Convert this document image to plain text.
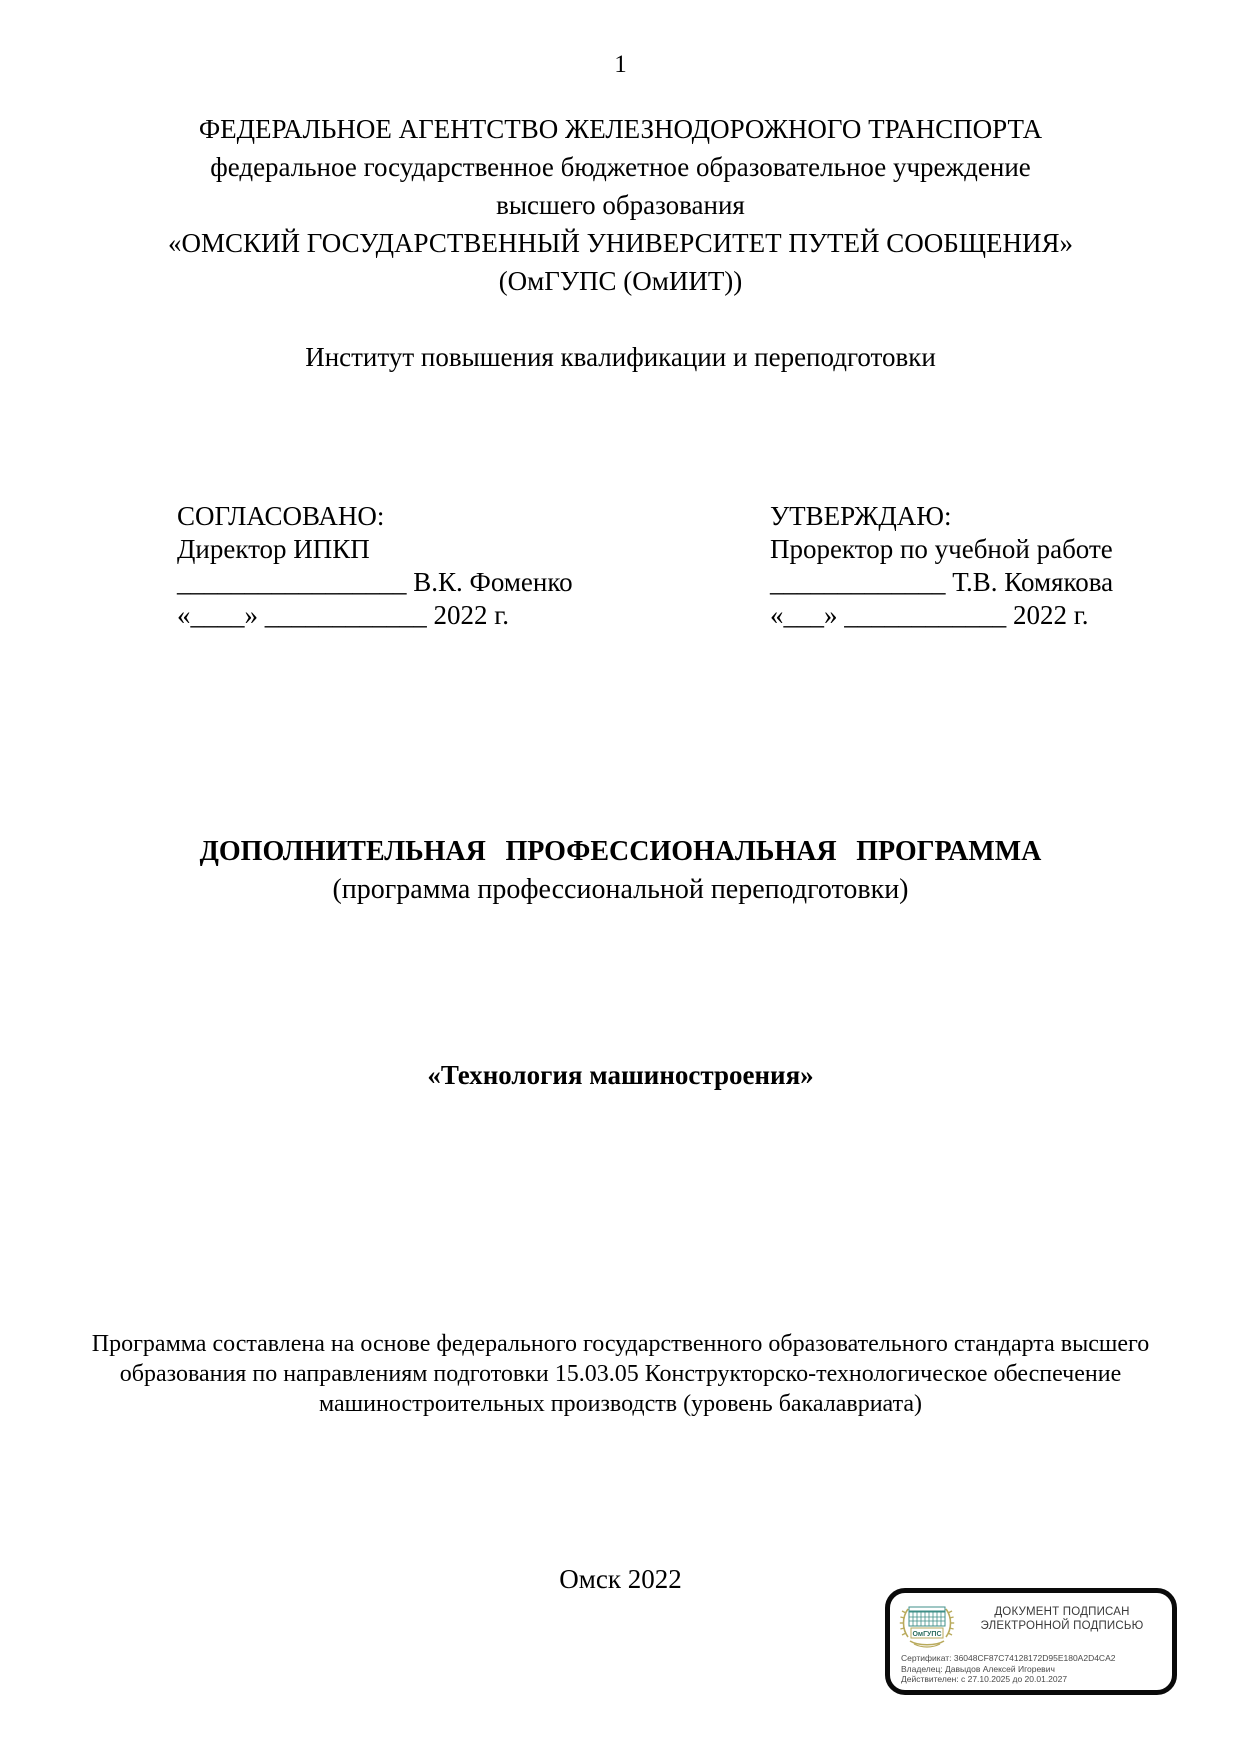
1
ФЕДЕРАЛЬНОЕ АГЕНТСТВО ЖЕЛЕЗНОДОРОЖНОГО ТРАНСПОРТА
федеральное государственное бюджетное образовательное учреждение
высшего образования
«ОМСКИЙ ГОСУДАРСТВЕННЫЙ УНИВЕРСИТЕТ ПУТЕЙ СООБЩЕНИЯ»
(ОмГУПС (ОмИИТ))
Институт повышения квалификации и переподготовки
СОГЛАСОВАНО:
Директор ИПКП
_________________ В.К. Фоменко
«____» ____________ 2022 г.
УТВЕРЖДАЮ:
Проректор по учебной работе
_____________ Т.В. Комякова
«___» ____________ 2022 г.
ДОПОЛНИТЕЛЬНАЯ ПРОФЕССИОНАЛЬНАЯ ПРОГРАММА
(программа профессиональной переподготовки)
«Технология машиностроения»
Программа составлена на основе федерального государственного образовательного стандарта высшего образования по направлениям подготовки 15.03.05 Конструкторско-технологическое обеспечение машиностроительных производств (уровень бакалавриата)
Омск 2022
ОмГУПС
ДОКУМЕНТ ПОДПИСАН
ЭЛЕКТРОННОЙ ПОДПИСЬЮ
Сертификат: 36048CF87C74128172D95E180A2D4CA2
Владелец: Давыдов Алексей Игоревич
Действителен: с 27.10.2025 до 20.01.2027
